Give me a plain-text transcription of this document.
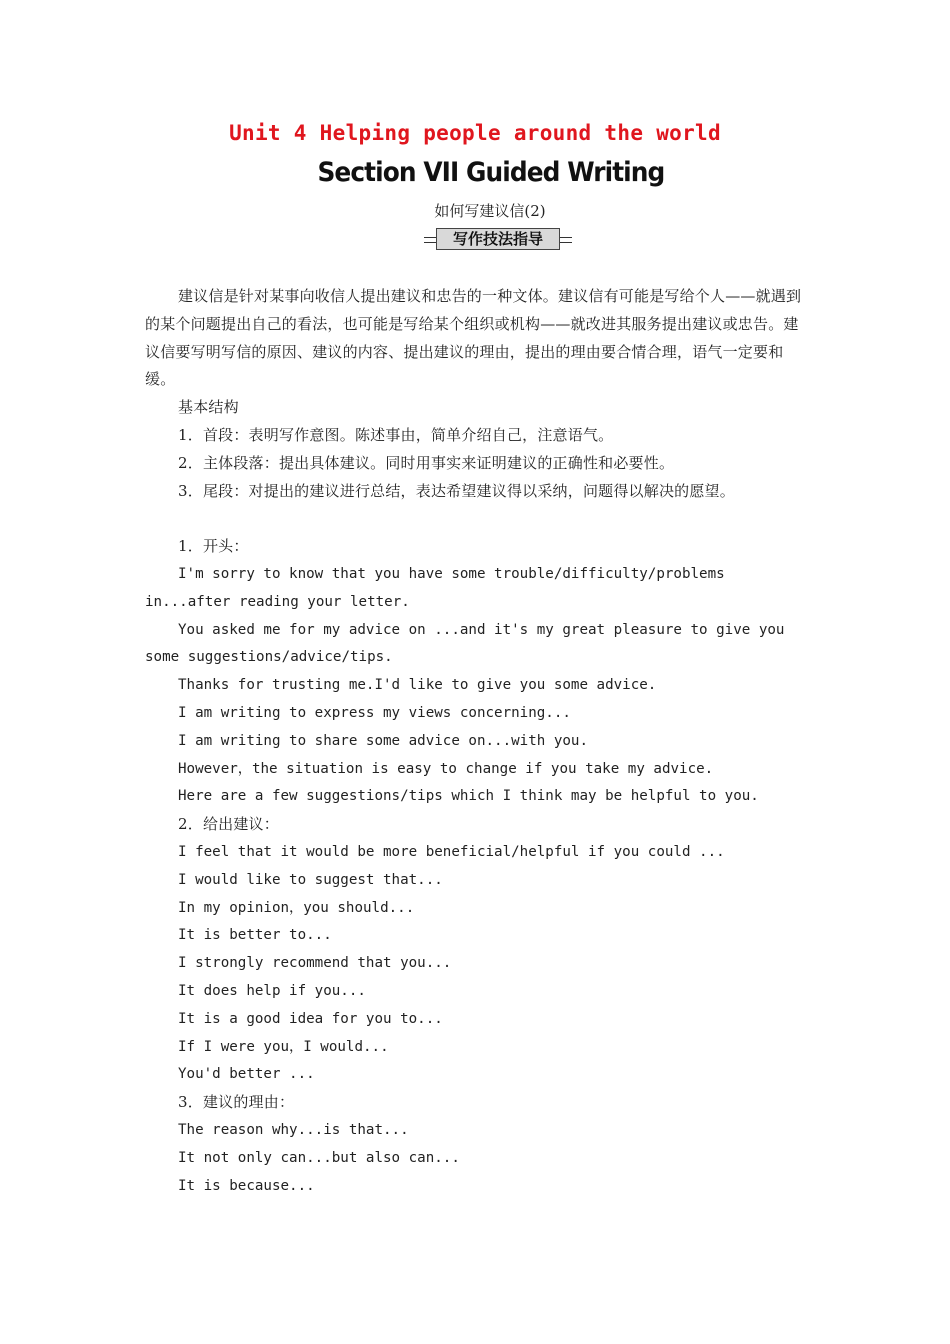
Unit 4 Helping people around the world
Section VII Guided Writing
如何写建议信(2)
写作技法指导

建议信是针对某事向收信人提出建议和忠告的一种文体。建议信有可能是写给个人——就遇到的某个问题提出自己的看法，也可能是写给某个组织或机构——就改进其服务提出建议或忠告。建议信要写明写信的原因、建议的内容、提出建议的理由，提出的理由要合情合理，语气一定要和缓。

基本结构

1．首段：表明写作意图。陈述事由，简单介绍自己，注意语气。

2．主体段落：提出具体建议。同时用事实来证明建议的正确性和必要性。

3．尾段：对提出的建议进行总结，表达希望建议得以采纳，问题得以解决的愿望。

1．开头：

I'm sorry to know that you have some trouble/difficulty/problems in...after reading your letter.

You asked me for my advice on ...and it's my great pleasure to give you some suggestions/advice/tips.

Thanks for trusting me.I'd like to give you some advice.

I am writing to express my views concerning...

I am writing to share some advice on...with you.

However，the situation is easy to change if you take my advice.

Here are a few suggestions/tips which I think may be helpful to you.

2．给出建议：

I feel that it would be more beneficial/helpful if you could ...

I would like to suggest that...

In my opinion，you should...

It is better to...

I strongly recommend that you...

It does help if you...

It is a good idea for you to...

If I were you，I would...

You'd better ...

3．建议的理由：

The reason why...is that...

It not only can...but also can...

It is because...
